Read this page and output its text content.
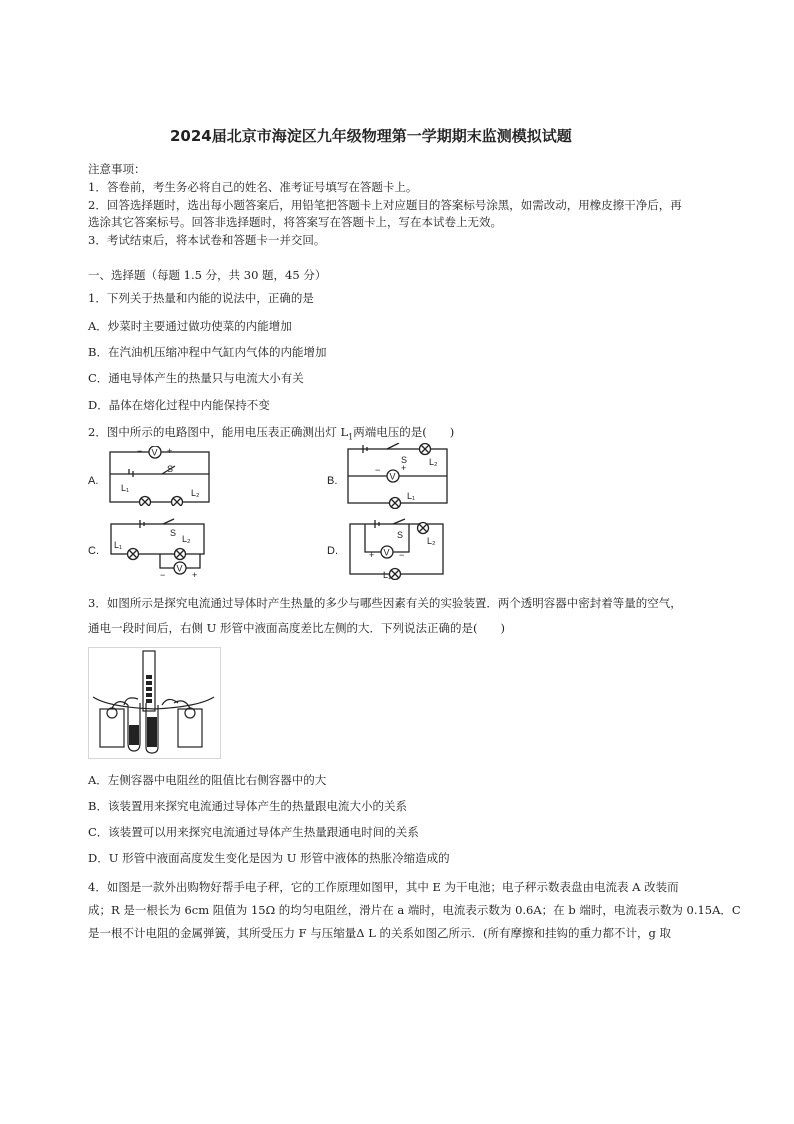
2024届北京市海淀区九年级物理第一学期期末监测模拟试题
注意事项：
1．答卷前，考生务必将自己的姓名、准考证号填写在答题卡上。
2．回答选择题时，选出每小题答案后，用铅笔把答题卡上对应题目的答案标号涂黑，如需改动，用橡皮擦干净后，再
选涂其它答案标号。回答非选择题时，将答案写在答题卡上，写在本试卷上无效。
3．考试结束后，将本试卷和答题卡一并交回。
一、选择题（每题 1.5 分，共 30 题，45 分）
1．下列关于热量和内能的说法中，正确的是
A．炒菜时主要通过做功使菜的内能增加
B．在汽油机压缩冲程中气缸内气体的内能增加
C．通电导体产生的热量只与电流大小有关
D．晶体在熔化过程中内能保持不变
2．图中所示的电路图中，能用电压表正确测出灯 $L_1$两端电压的是(　　)
A.
V +
−
S
L₁	L₂
B.	V
+
−
S L₂
L₁
C.
V
+
−
S
L₁
L₂
D.	V
+	−
S
L₂
L₁
3．如图所示是探究电流通过导体时产生热量的多少与哪些因素有关的实验装置．两个透明容器中密封着等量的空气，
通电一段时间后，右侧 U 形管中液面高度差比左侧的大．下列说法正确的是(　　)
A．左侧容器中电阻丝的阻值比右侧容器中的大
B．该装置用来探究电流通过导体产生的热量跟电流大小的关系
C．该装置可以用来探究电流通过导体产生热量跟通电时间的关系
D．U 形管中液面高度发生变化是因为 U 形管中液体的热胀冷缩造成的
4．如图是一款外出购物好帮手电子秤，它的工作原理如图甲，其中 E 为干电池；电子秤示数表盘由电流表 A 改装而
成；R 是一根长为 6cm 阻值为 15Ω 的均匀电阻丝，滑片在 a 端时，电流表示数为 0.6A；在 b 端时，电流表示数为 0.15A．C
是一根不计电阻的金属弹簧，其所受压力 F 与压缩量Δ L 的关系如图乙所示．(所有摩擦和挂钩的重力都不计，g 取
